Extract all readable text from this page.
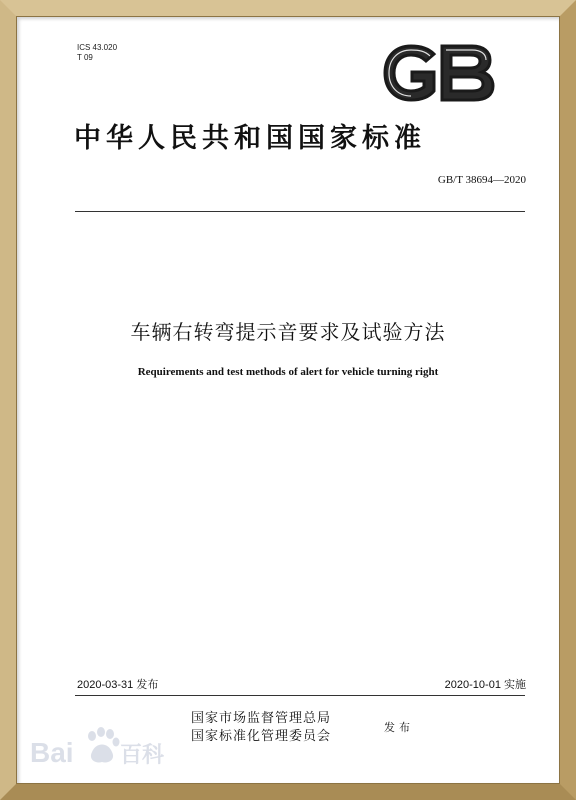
ICS 43.020
T 09
中华人民共和国国家标准
GB/T 38694—2020
车辆右转弯提示音要求及试验方法
Requirements and test methods of alert for vehicle turning right
2020-03-31 发布	2020-10-01 实施
国家市场监督管理总局
国家标准化管理委员会
发布
Bai 百科
